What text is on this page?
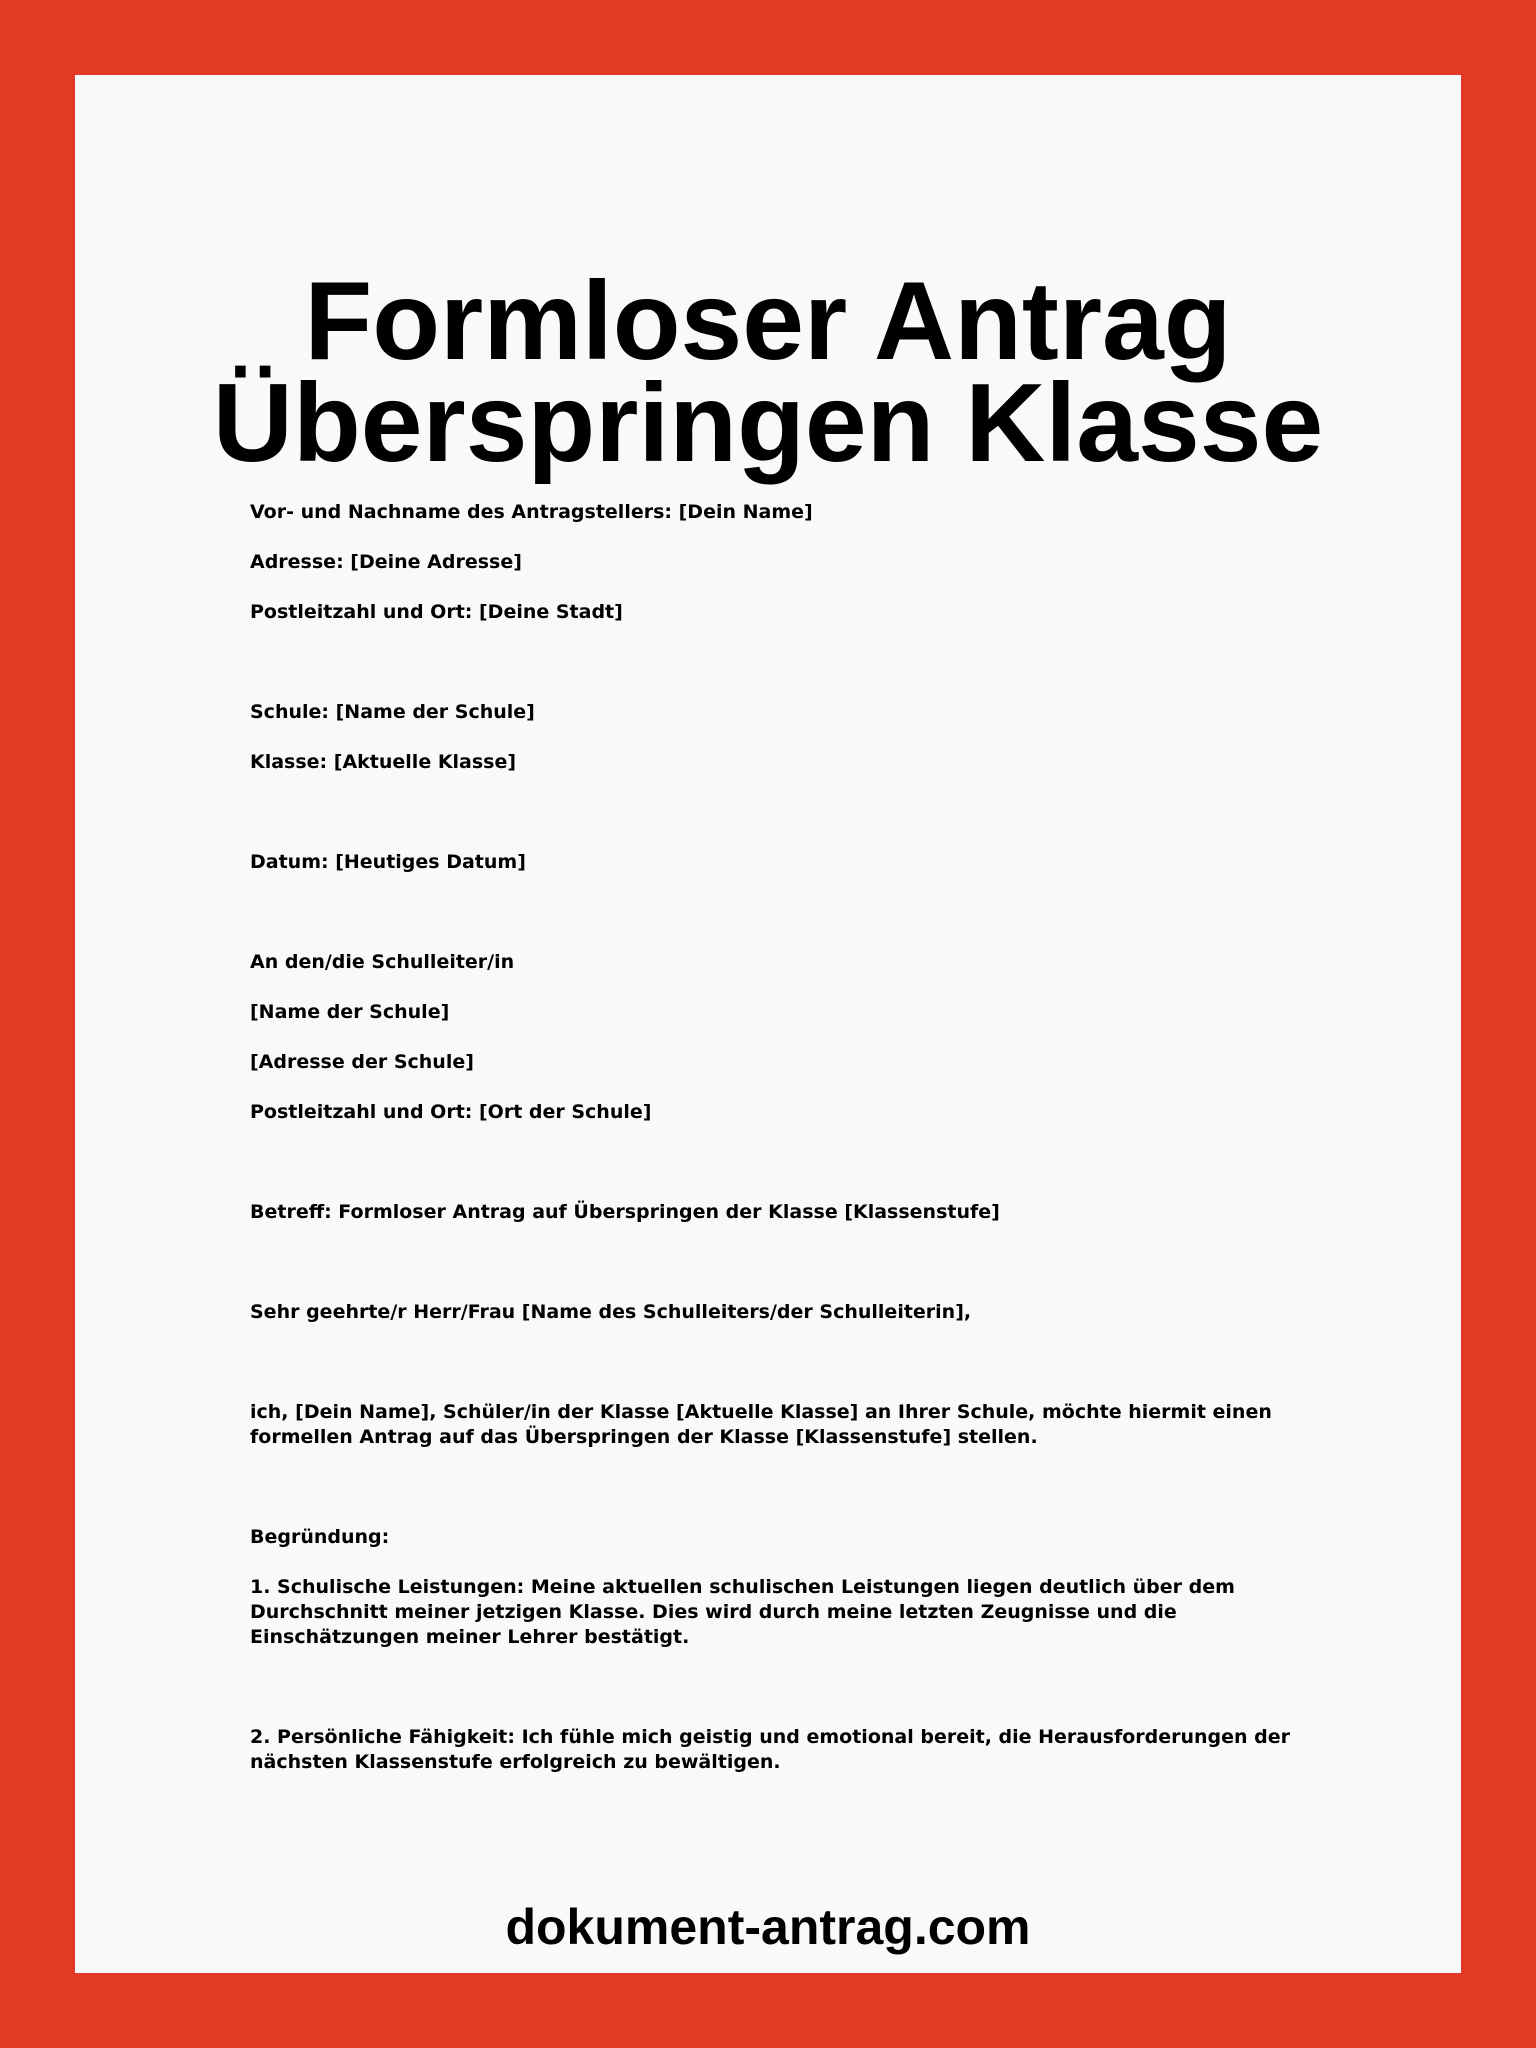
Formloser Antrag
Überspringen Klasse

Vor- und Nachname des Antragstellers: [Dein Name]

Adresse: [Deine Adresse]

Postleitzahl und Ort: [Deine Stadt]

Schule: [Name der Schule]

Klasse: [Aktuelle Klasse]

Datum: [Heutiges Datum]

An den/die Schulleiter/in

[Name der Schule]

[Adresse der Schule]

Postleitzahl und Ort: [Ort der Schule]

Betreff: Formloser Antrag auf Überspringen der Klasse [Klassenstufe]

Sehr geehrte/r Herr/Frau [Name des Schulleiters/der Schulleiterin],

ich, [Dein Name], Schüler/in der Klasse [Aktuelle Klasse] an Ihrer Schule, möchte hiermit einen formellen Antrag auf das Überspringen der Klasse [Klassenstufe] stellen.

Begründung:

1. Schulische Leistungen: Meine aktuellen schulischen Leistungen liegen deutlich über dem Durchschnitt meiner jetzigen Klasse. Dies wird durch meine letzten Zeugnisse und die Einschätzungen meiner Lehrer bestätigt.

2. Persönliche Fähigkeit: Ich fühle mich geistig und emotional bereit, die Herausforderungen der nächsten Klassenstufe erfolgreich zu bewältigen.

dokument-antrag.com
